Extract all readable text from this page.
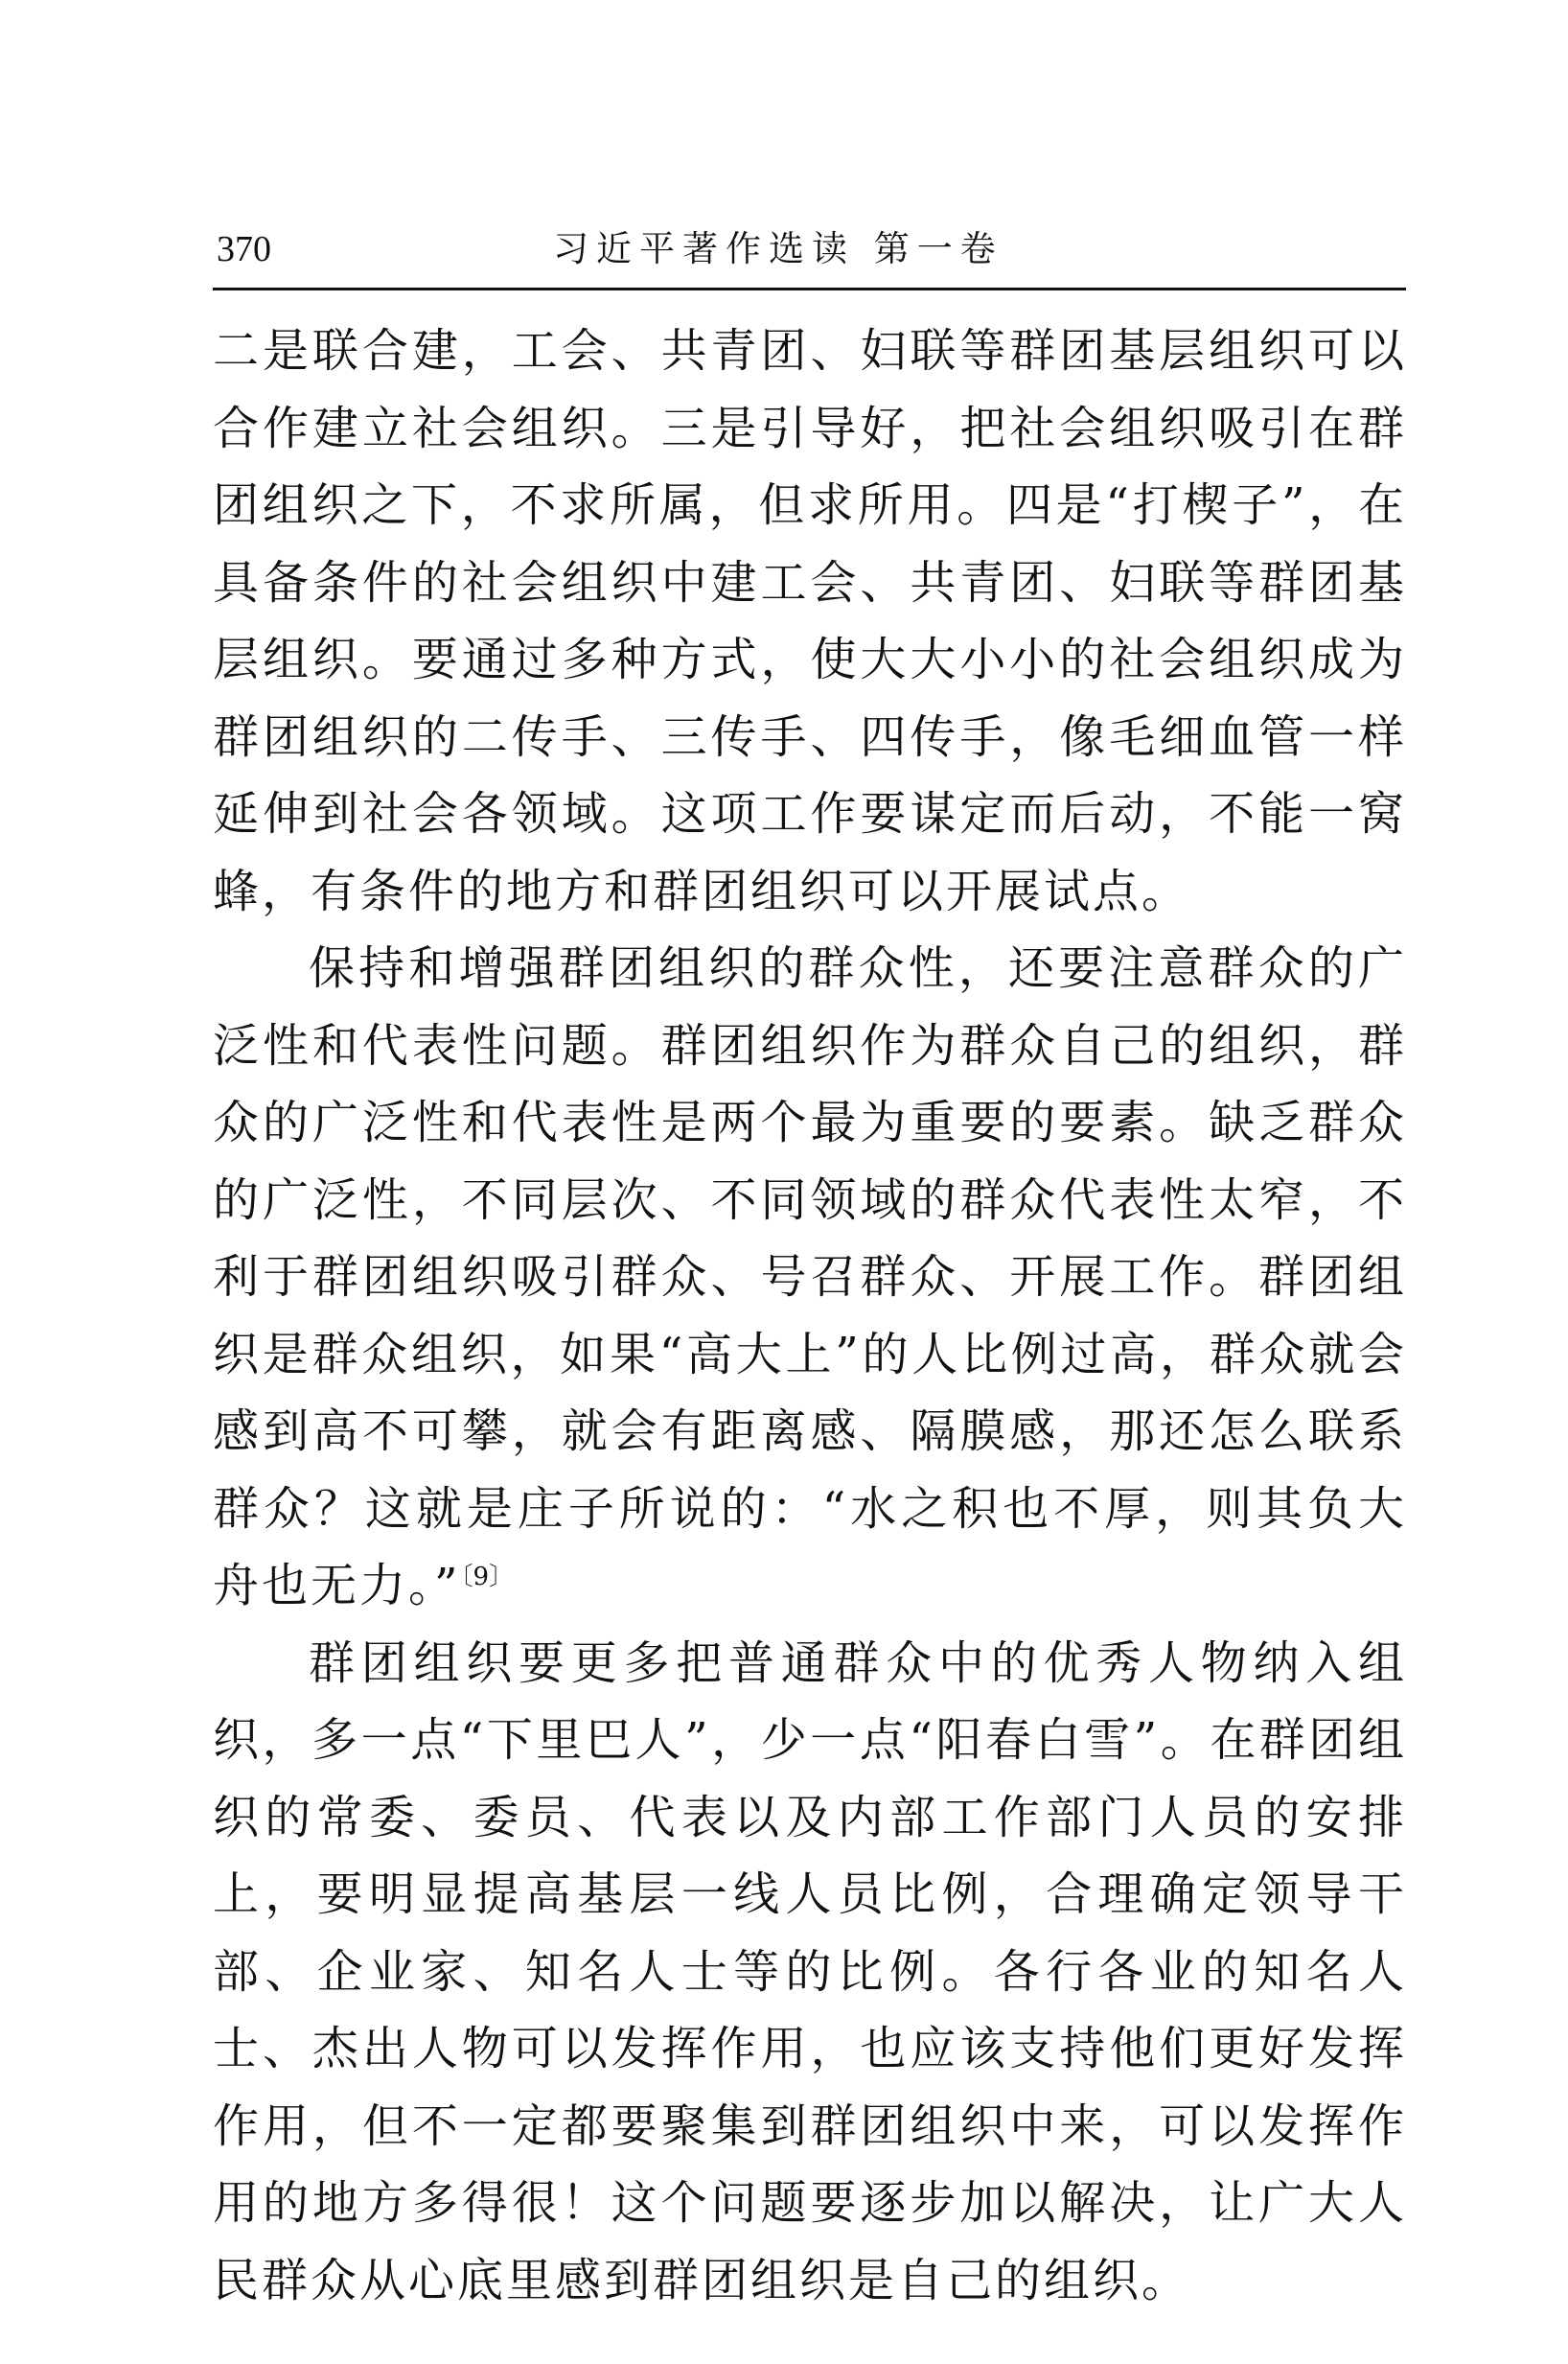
370	习近平著作选读 第一卷

二是联合建，工会、共青团、妇联等群团基层组织可以合作建立社会组织。三是引导好，把社会组织吸引在群团组织之下，不求所属，但求所用。四是“打楔子”，在具备条件的社会组织中建工会、共青团、妇联等群团基层组织。要通过多种方式，使大大小小的社会组织成为群团组织的二传手、三传手、四传手，像毛细血管一样延伸到社会各领域。这项工作要谋定而后动，不能一窝蜂，有条件的地方和群团组织可以开展试点。

保持和增强群团组织的群众性，还要注意群众的广泛性和代表性问题。群团组织作为群众自己的组织，群众的广泛性和代表性是两个最为重要的要素。缺乏群众的广泛性，不同层次、不同领域的群众代表性太窄，不利于群团组织吸引群众、号召群众、开展工作。群团组织是群众组织，如果“高大上”的人比例过高，群众就会感到高不可攀，就会有距离感、隔膜感，那还怎么联系群众？这就是庄子所说的：“水之积也不厚，则其负大舟也无力。”$^{〔9〕}$

群团组织要更多把普通群众中的优秀人物纳入组织，多一点“下里巴人”，少一点“阳春白雪”。在群团组织的常委、委员、代表以及内部工作部门人员的安排上，要明显提高基层一线人员比例，合理确定领导干部、企业家、知名人士等的比例。各行各业的知名人士、杰出人物可以发挥作用，也应该支持他们更好发挥作用，但不一定都要聚集到群团组织中来，可以发挥作用的地方多得很！这个问题要逐步加以解决，让广大人民群众从心底里感到群团组织是自己的组织。
